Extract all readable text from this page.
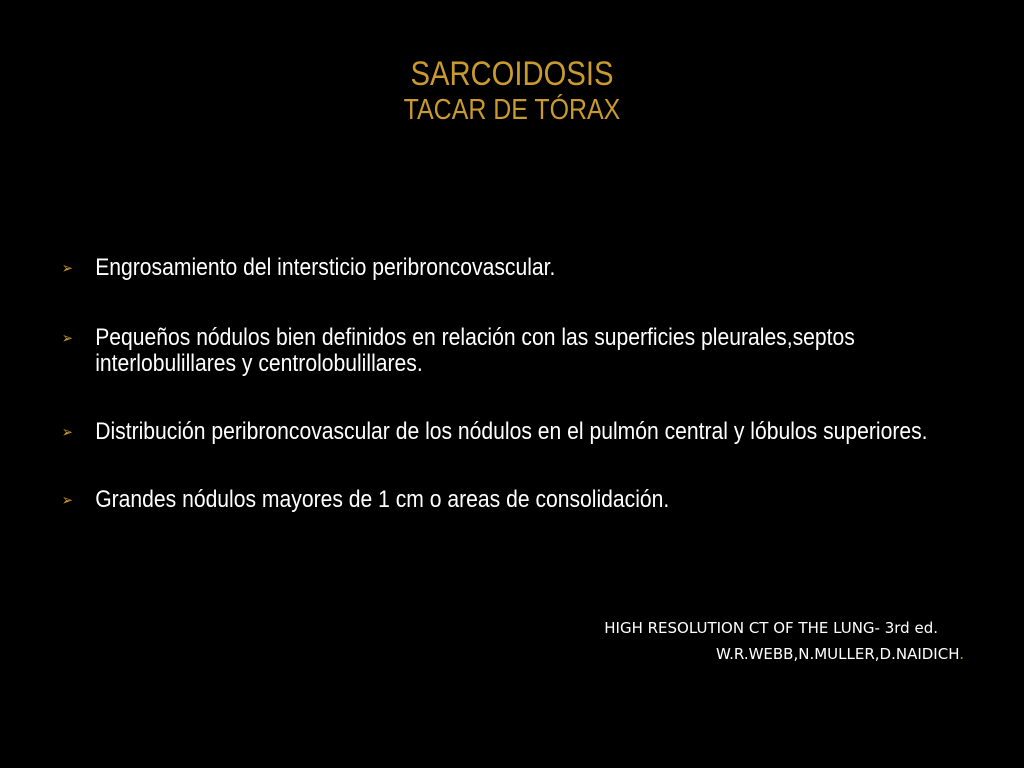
SARCOIDOSIS
TACAR DE TÓRAX
➢ Engrosamiento del intersticio peribroncovascular.
➢ Pequeños nódulos bien definidos en relación con las superficies pleurales,septos interlobulillares y centrolobulillares.
➢ Distribución peribroncovascular de los nódulos en el pulmón central y lóbulos superiores.
➢ Grandes nódulos mayores de 1 cm o areas de consolidación.
HIGH RESOLUTION CT OF THE LUNG- 3rd ed.
W.R.WEBB,N.MULLER,D.NAIDICH.
